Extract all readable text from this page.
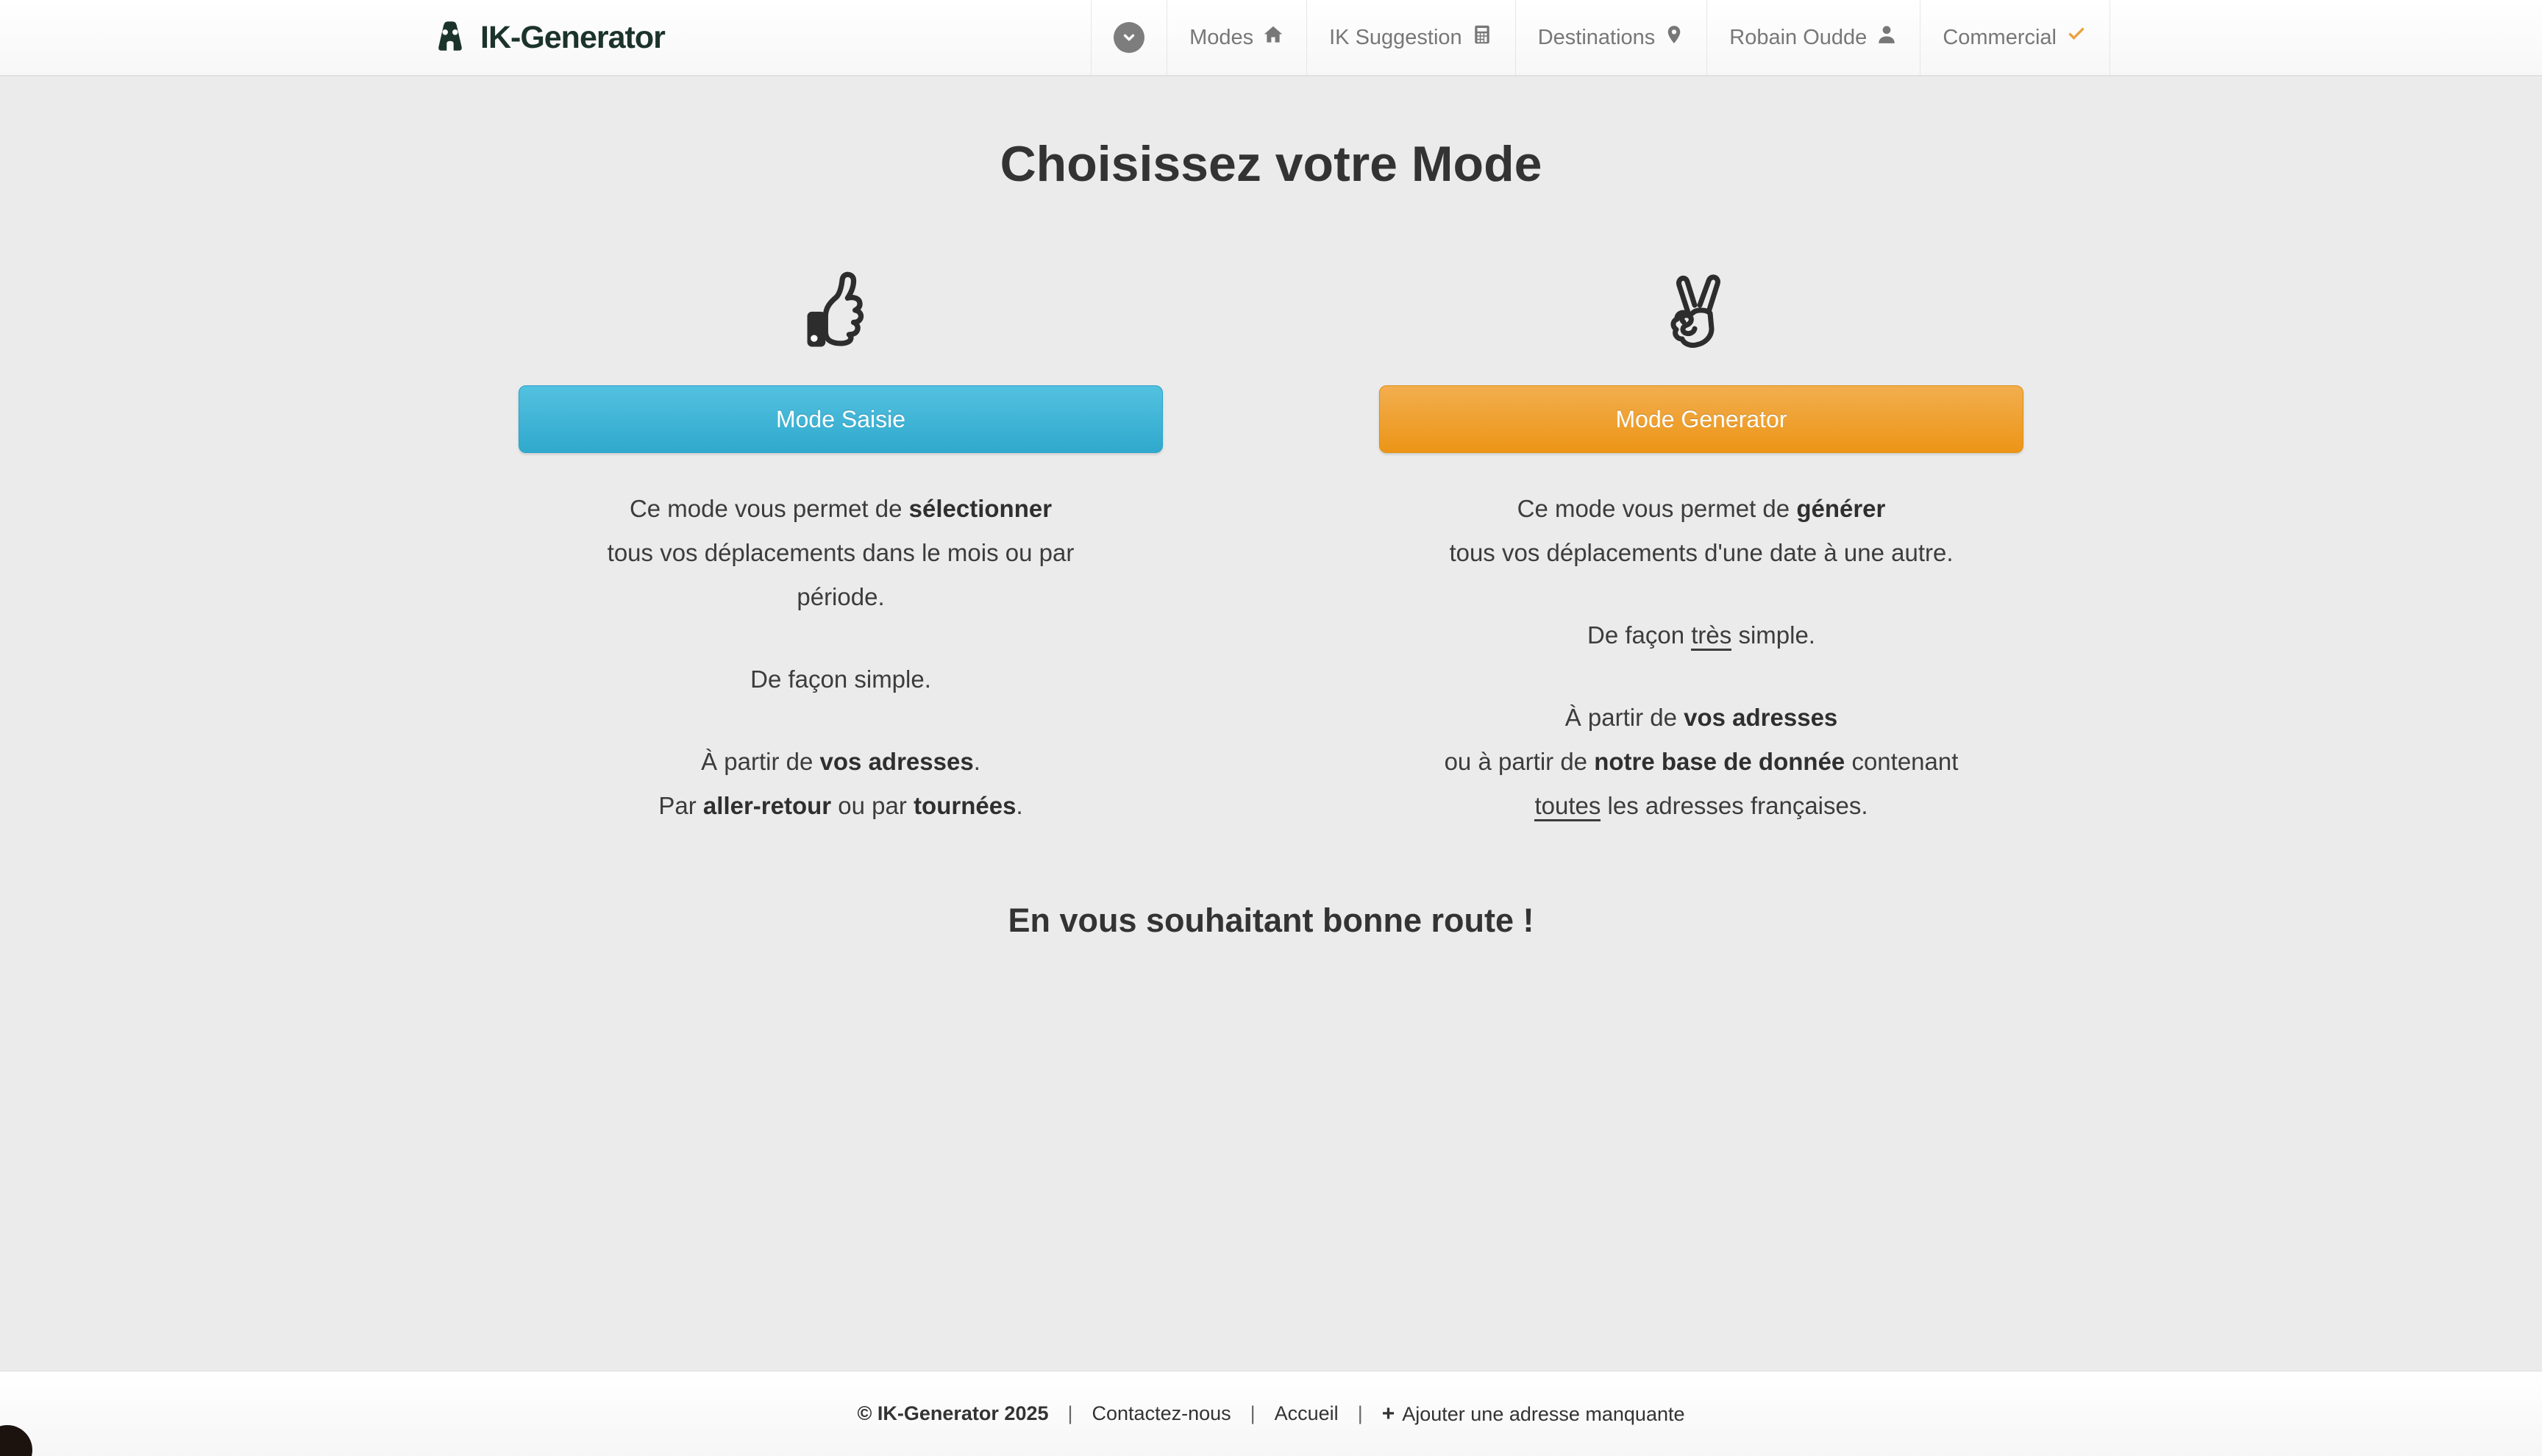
IK-Generator	Modes	IK Suggestion	Destinations	Robain Oudde	Commercial
Choisissez votre Mode
Mode Saisie

Ce mode vous permet de sélectionner
tous vos déplacements dans le mois ou par
période.

De façon simple.

À partir de vos adresses.
Par aller-retour ou par tournées.

Mode Generator

Ce mode vous permet de générer
tous vos déplacements d'une date à une autre.

De façon très simple.

À partir de vos adresses
ou à partir de notre base de donnée contenant
toutes les adresses françaises.

En vous souhaitant bonne route !
© IK-Generator 2025 | Contactez-nous | Accueil | + Ajouter une adresse manquante
